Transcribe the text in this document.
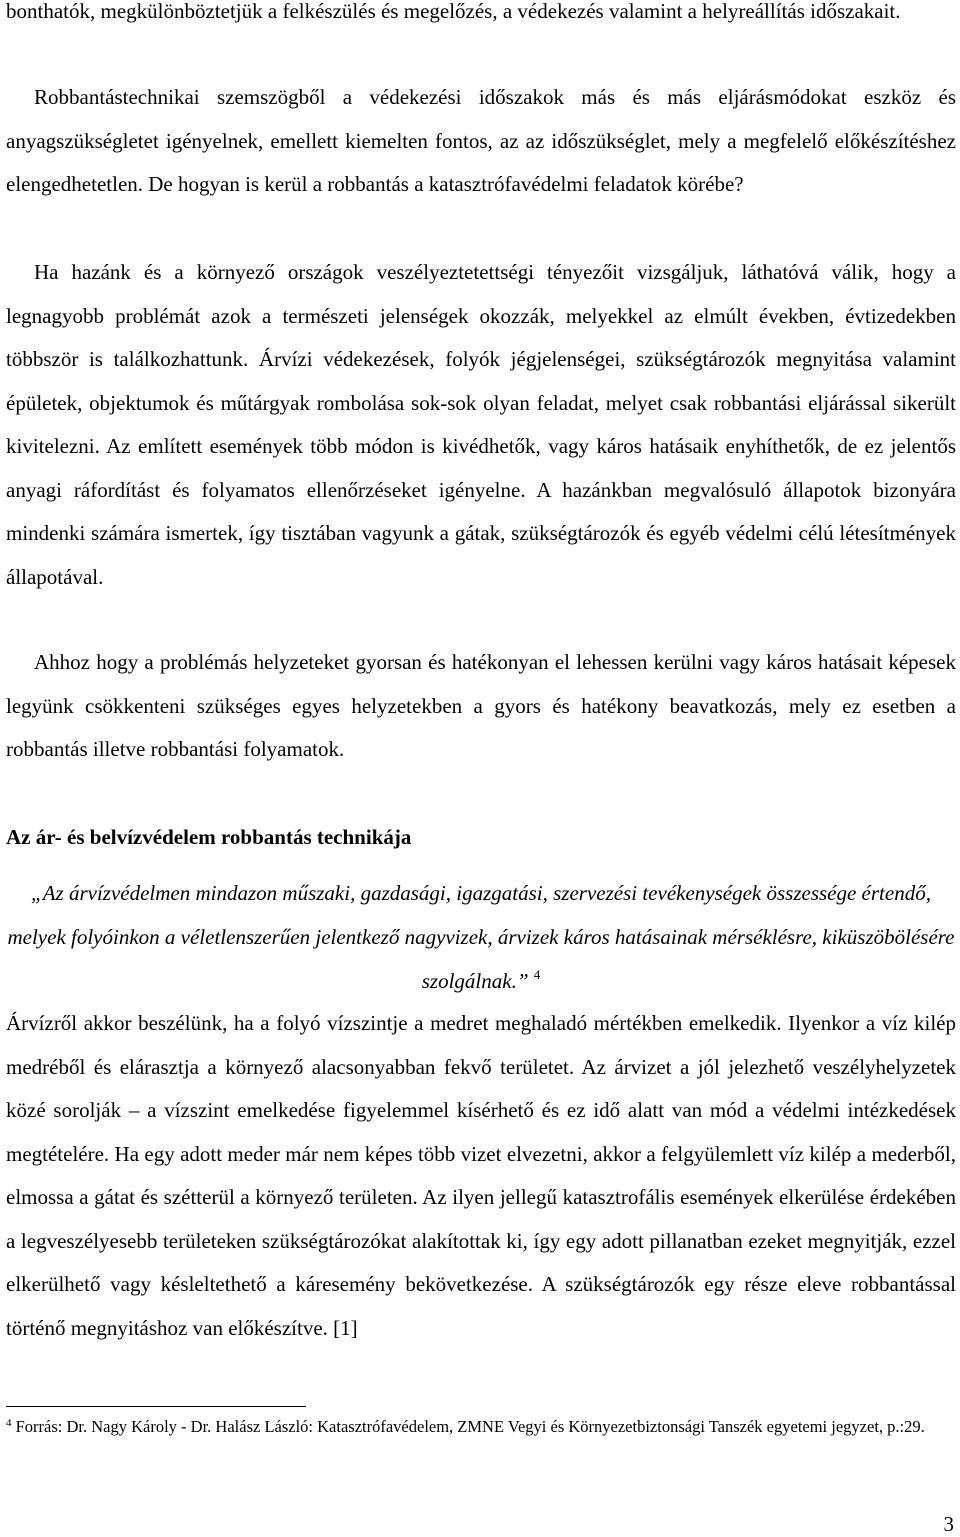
bonthatók, megkülönböztetjük a felkészülés és megelőzés, a védekezés valamint a helyreállítás időszakait.

Robbantástechnikai szemszögből a védekezési időszakok más és más eljárásmódokat eszköz és anyagszükségletet igényelnek, emellett kiemelten fontos, az az időszükséglet, mely a megfelelő előkészítéshez elengedhetetlen. De hogyan is kerül a robbantás a katasztrófavédelmi feladatok körébe?

Ha hazánk és a környező országok veszélyeztetettségi tényezőit vizsgáljuk, láthatóvá válik, hogy a legnagyobb problémát azok a természeti jelenségek okozzák, melyekkel az elmúlt években, évtizedekben többször is találkozhattunk. Árvízi védekezések, folyók jégjelenségei, szükségtározók megnyitása valamint épületek, objektumok és műtárgyak rombolása sok-sok olyan feladat, melyet csak robbantási eljárással sikerült kivitelezni. Az említett események több módon is kivédhetők, vagy káros hatásaik enyhíthetők, de ez jelentős anyagi ráfordítást és folyamatos ellenőrzéseket igényelne. A hazánkban megvalósuló állapotok bizonyára mindenki számára ismertek, így tisztában vagyunk a gátak, szükségtározók és egyéb védelmi célú létesítmények állapotával.

Ahhoz hogy a problémás helyzeteket gyorsan és hatékonyan el lehessen kerülni vagy káros hatásait képesek legyünk csökkenteni szükséges egyes helyzetekben a gyors és hatékony beavatkozás, mely ez esetben a robbantás illetve robbantási folyamatok.

Az ár- és belvízvédelem robbantás technikája

„Az árvízvédelmen mindazon műszaki, gazdasági, igazgatási, szervezési tevékenységek összessége értendő, melyek folyóinkon a véletlenszerűen jelentkező nagyvizek, árvizek káros hatásainak mérséklésre, kiküszöbölésére szolgálnak.” $^4$

Árvízről akkor beszélünk, ha a folyó vízszintje a medret meghaladó mértékben emelkedik. Ilyenkor a víz kilép medréből és elárasztja a környező alacsonyabban fekvő területet. Az árvizet a jól jelezhető veszélyhelyzetek közé sorolják – a vízszint emelkedése figyelemmel kísérhető és ez idő alatt van mód a védelmi intézkedések megtételére. Ha egy adott meder már nem képes több vizet elvezetni, akkor a felgyülemlett víz kilép a mederből, elmossa a gátat és szétterül a környező területen. Az ilyen jellegű katasztrofális események elkerülése érdekében a legveszélyesebb területeken szükségtározókat alakítottak ki, így egy adott pillanatban ezeket megnyitják, ezzel elkerülhető vagy késleltethető a káresemény bekövetkezése. A szükségtározók egy része eleve robbantással történő megnyitáshoz van előkészítve. [1]

$^4$ Forrás: Dr. Nagy Károly - Dr. Halász László: Katasztrófavédelem, ZMNE Vegyi és Környezetbiztonsági Tanszék egyetemi jegyzet, p.:29.

3
